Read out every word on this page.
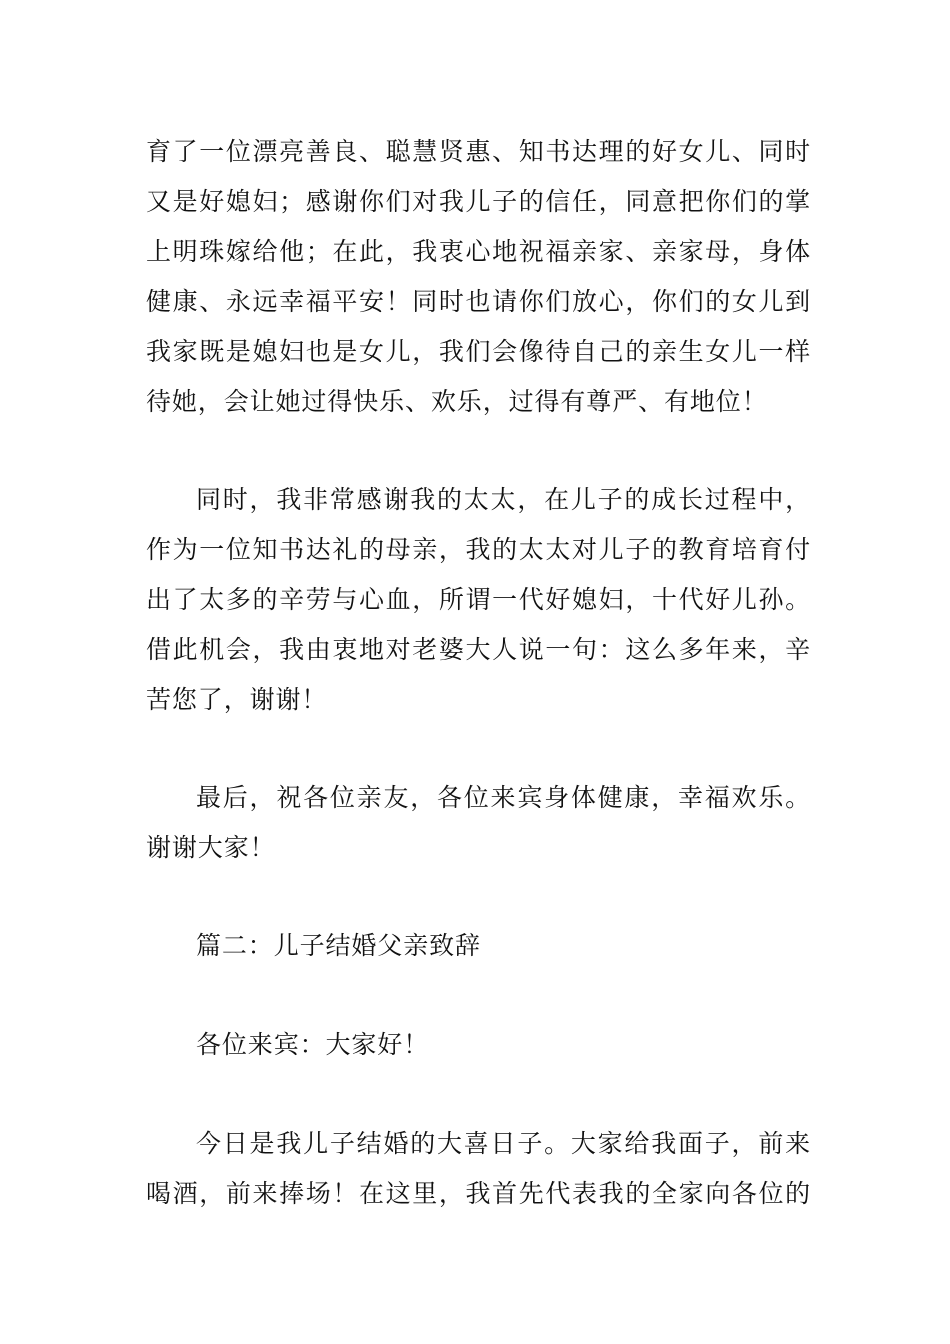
育了一位漂亮善良、聪慧贤惠、知书达理的好女儿、同时
又是好媳妇；感谢你们对我儿子的信任，同意把你们的掌
上明珠嫁给他；在此，我衷心地祝福亲家、亲家母，身体
健康、永远幸福平安！同时也请你们放心，你们的女儿到
我家既是媳妇也是女儿，我们会像待自己的亲生女儿一样
待她，会让她过得快乐、欢乐，过得有尊严、有地位！
同时，我非常感谢我的太太，在儿子的成长过程中，
作为一位知书达礼的母亲，我的太太对儿子的教育培育付
出了太多的辛劳与心血，所谓一代好媳妇，十代好儿孙。
借此机会，我由衷地对老婆大人说一句：这么多年来，辛
苦您了，谢谢！
最后，祝各位亲友，各位来宾身体健康，幸福欢乐。
谢谢大家！
篇二：儿子结婚父亲致辞
各位来宾：大家好！
今日是我儿子结婚的大喜日子。大家给我面子，前来
喝酒，前来捧场！在这里，我首先代表我的全家向各位的
